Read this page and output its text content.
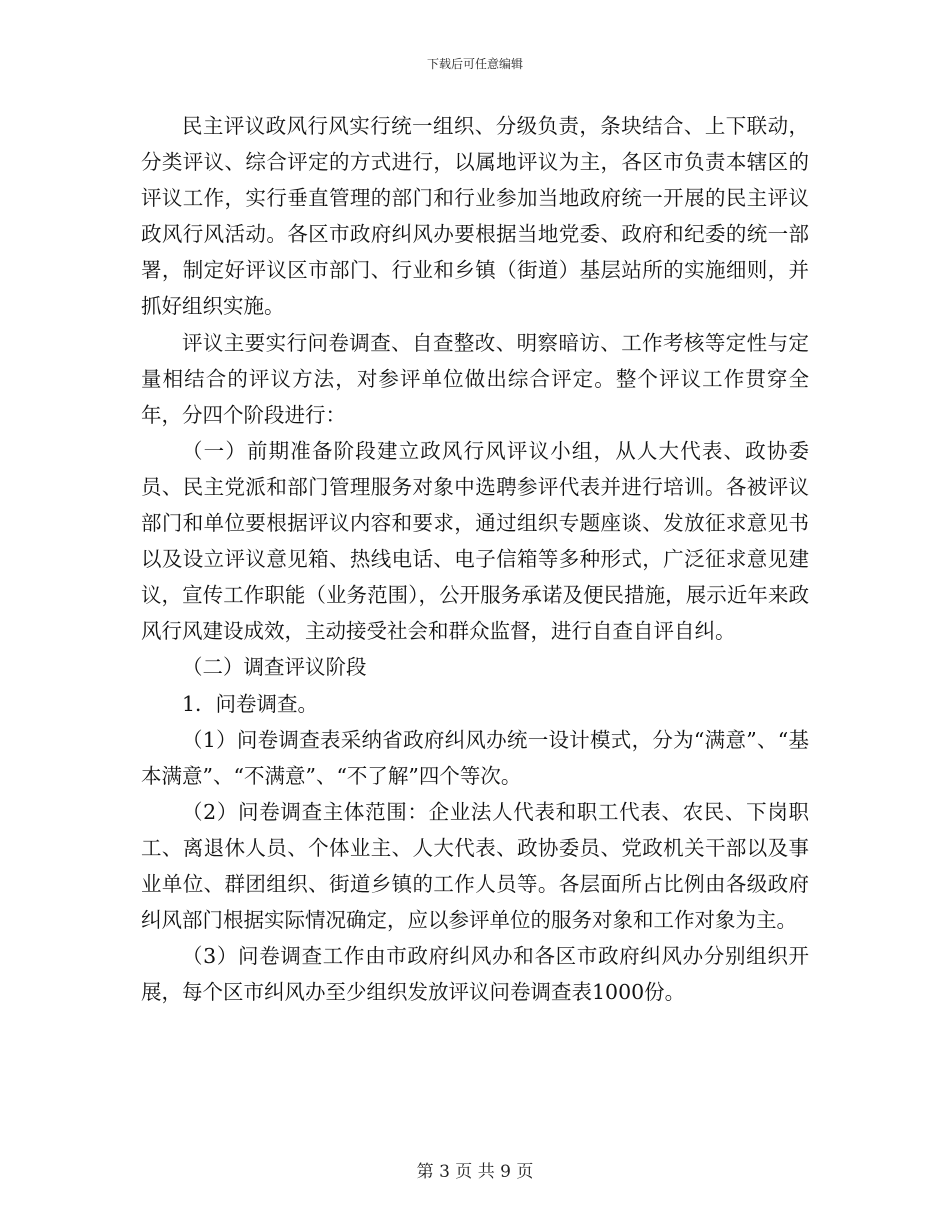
下载后可任意编辑

民主评议政风行风实行统一组织、分级负责，条块结合、上下联动，分类评议、综合评定的方式进行，以属地评议为主，各区市负责本辖区的评议工作，实行垂直管理的部门和行业参加当地政府统一开展的民主评议政风行风活动。各区市政府纠风办要根据当地党委、政府和纪委的统一部署，制定好评议区市部门、行业和乡镇（街道）基层站所的实施细则，并抓好组织实施。

评议主要实行问卷调查、自查整改、明察暗访、工作考核等定性与定量相结合的评议方法，对参评单位做出综合评定。整个评议工作贯穿全年，分四个阶段进行：

（一）前期准备阶段建立政风行风评议小组，从人大代表、政协委员、民主党派和部门管理服务对象中选聘参评代表并进行培训。各被评议部门和单位要根据评议内容和要求，通过组织专题座谈、发放征求意见书以及设立评议意见箱、热线电话、电子信箱等多种形式，广泛征求意见建议，宣传工作职能（业务范围），公开服务承诺及便民措施，展示近年来政风行风建设成效，主动接受社会和群众监督，进行自查自评自纠。

（二）调查评议阶段

1．问卷调查。

（1）问卷调查表采纳省政府纠风办统一设计模式，分为“满意”、“基本满意”、“不满意”、“不了解”四个等次。

（2）问卷调查主体范围：企业法人代表和职工代表、农民、下岗职工、离退休人员、个体业主、人大代表、政协委员、党政机关干部以及事业单位、群团组织、街道乡镇的工作人员等。各层面所占比例由各级政府纠风部门根据实际情况确定，应以参评单位的服务对象和工作对象为主。

（3）问卷调查工作由市政府纠风办和各区市政府纠风办分别组织开展，每个区市纠风办至少组织发放评议问卷调查表1000份。

第 3 页 共 9 页
